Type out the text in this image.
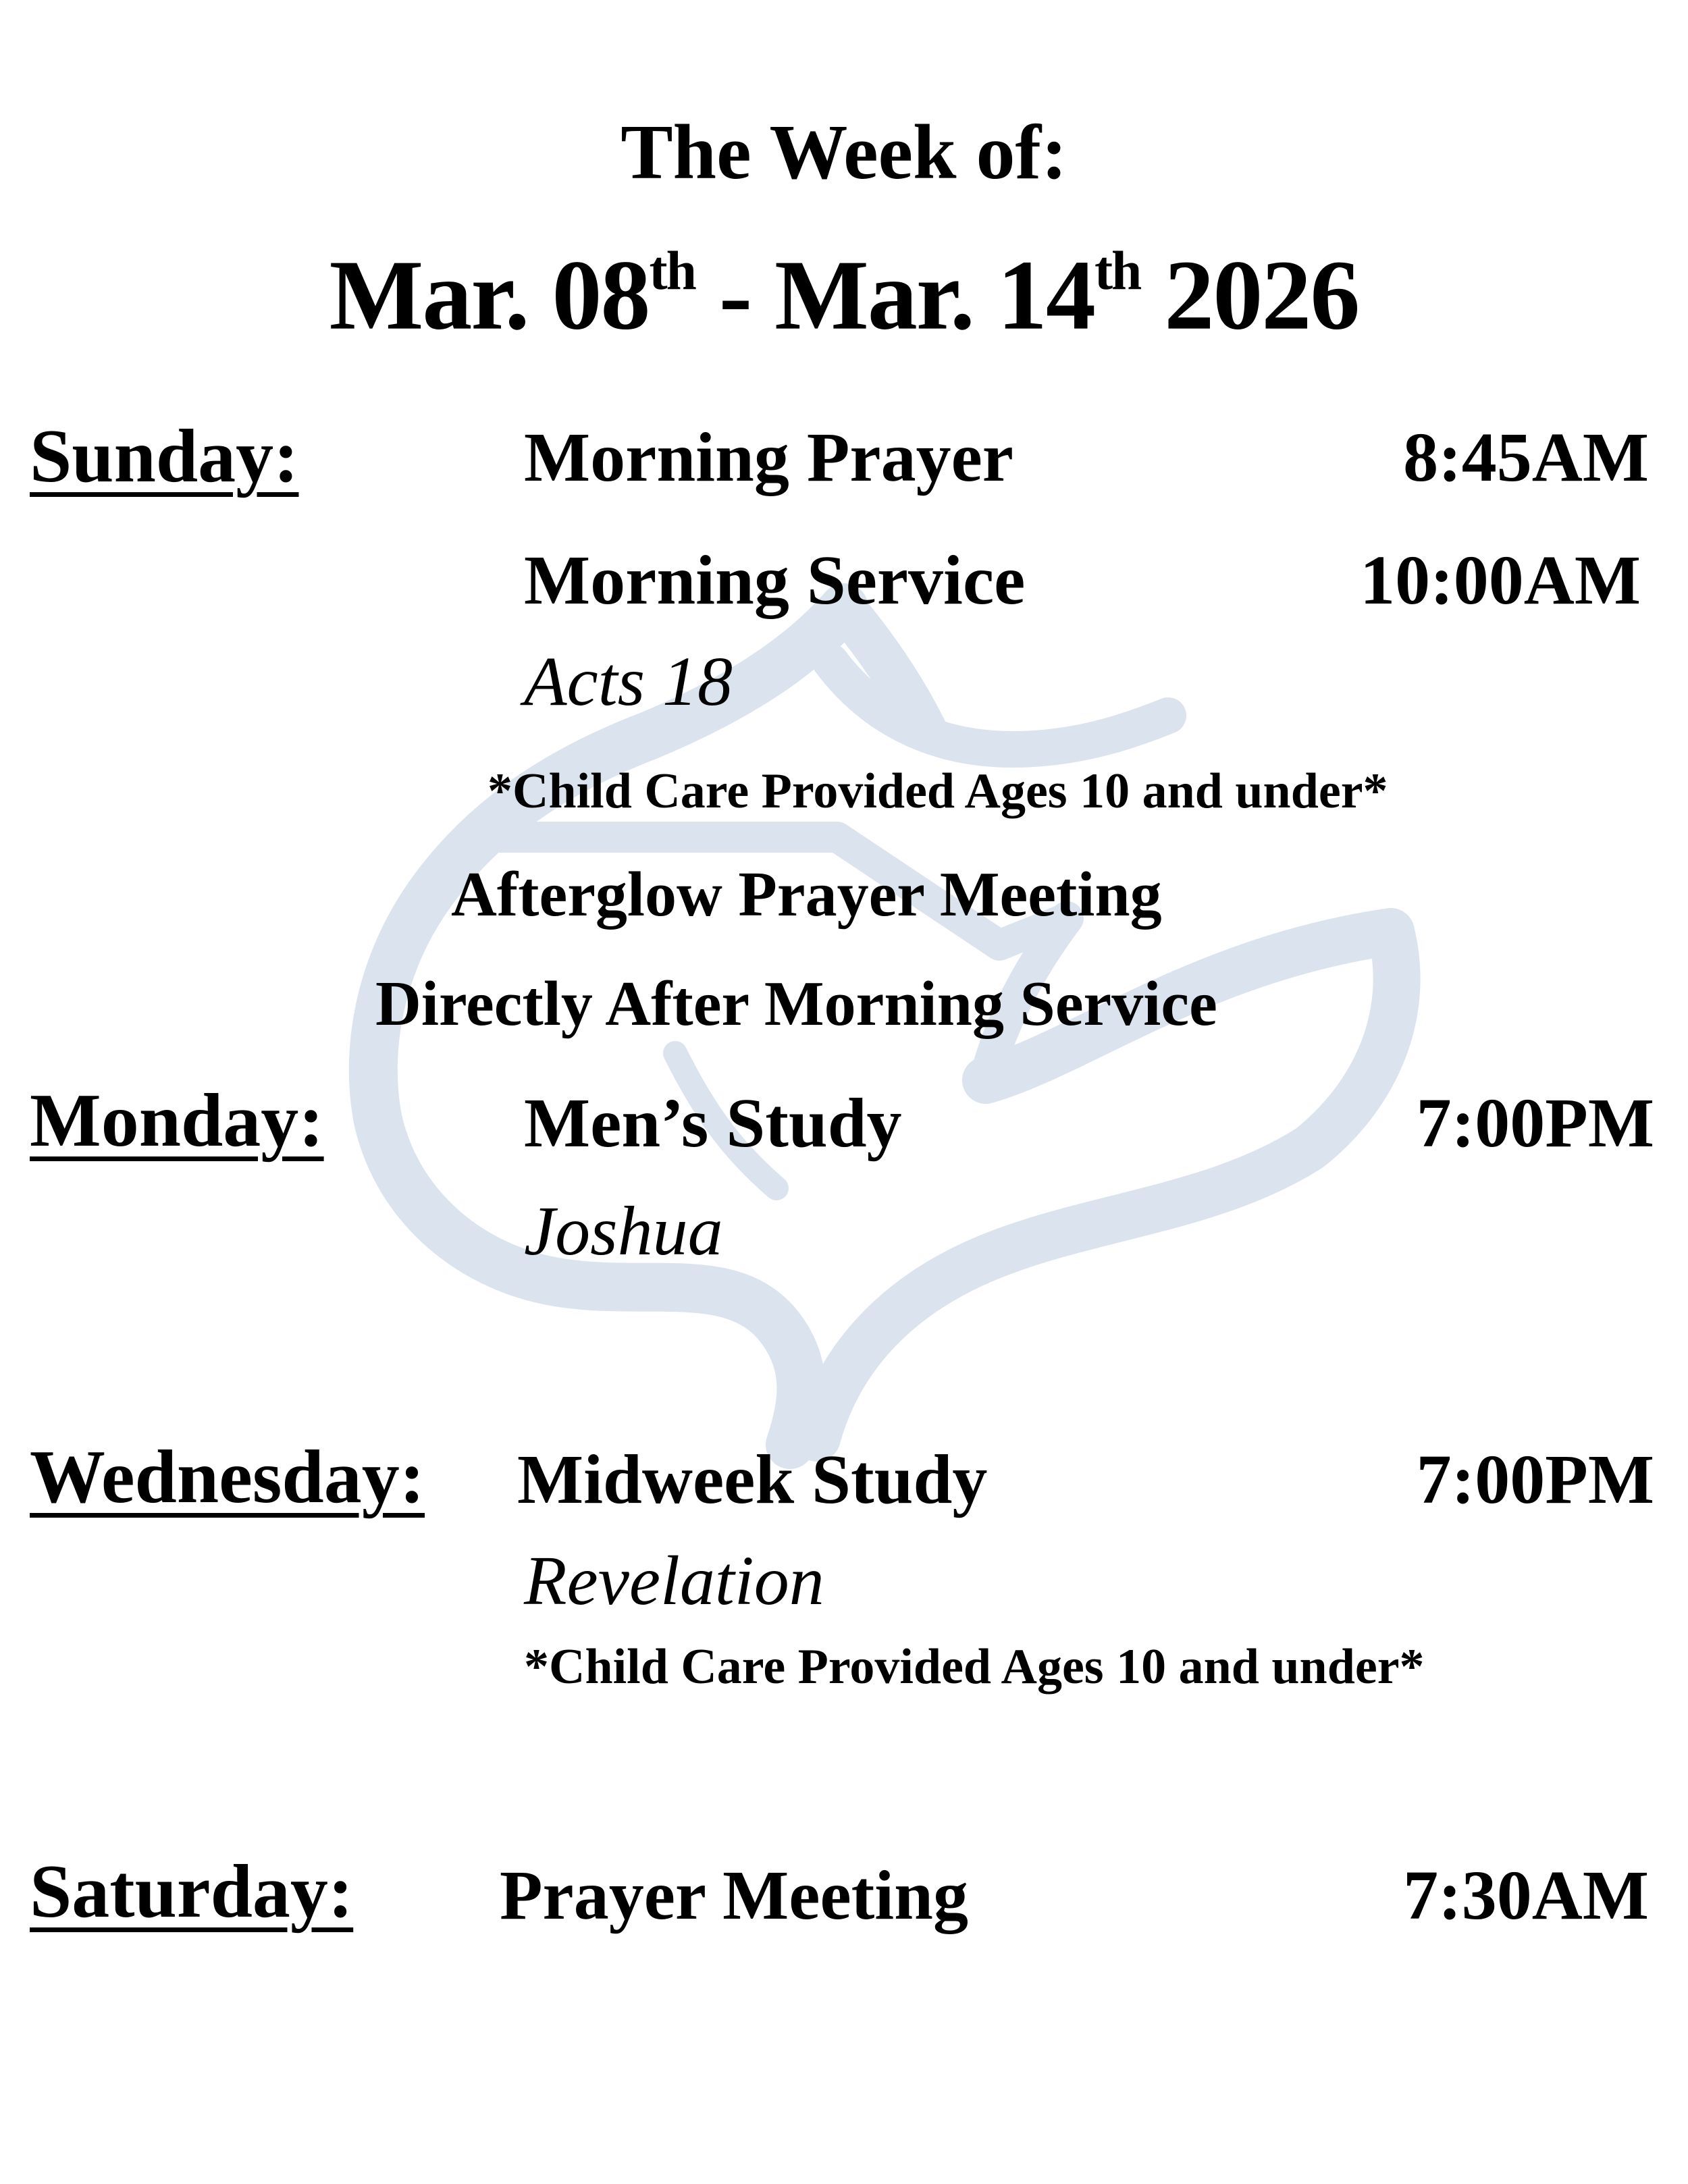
The Week of:
Mar. 08th - Mar. 14th 2026
Sunday:	Morning Prayer	8:45AM
Morning Service	10:00AM
Acts 18
*Child Care Provided Ages 10 and under*
Afterglow Prayer Meeting
Directly After Morning Service
Monday:	Men’s Study	7:00PM
Joshua
Wednesday: Midweek Study	7:00PM
Revelation
*Child Care Provided Ages 10 and under*
Saturday: Prayer Meeting	7:30AM
